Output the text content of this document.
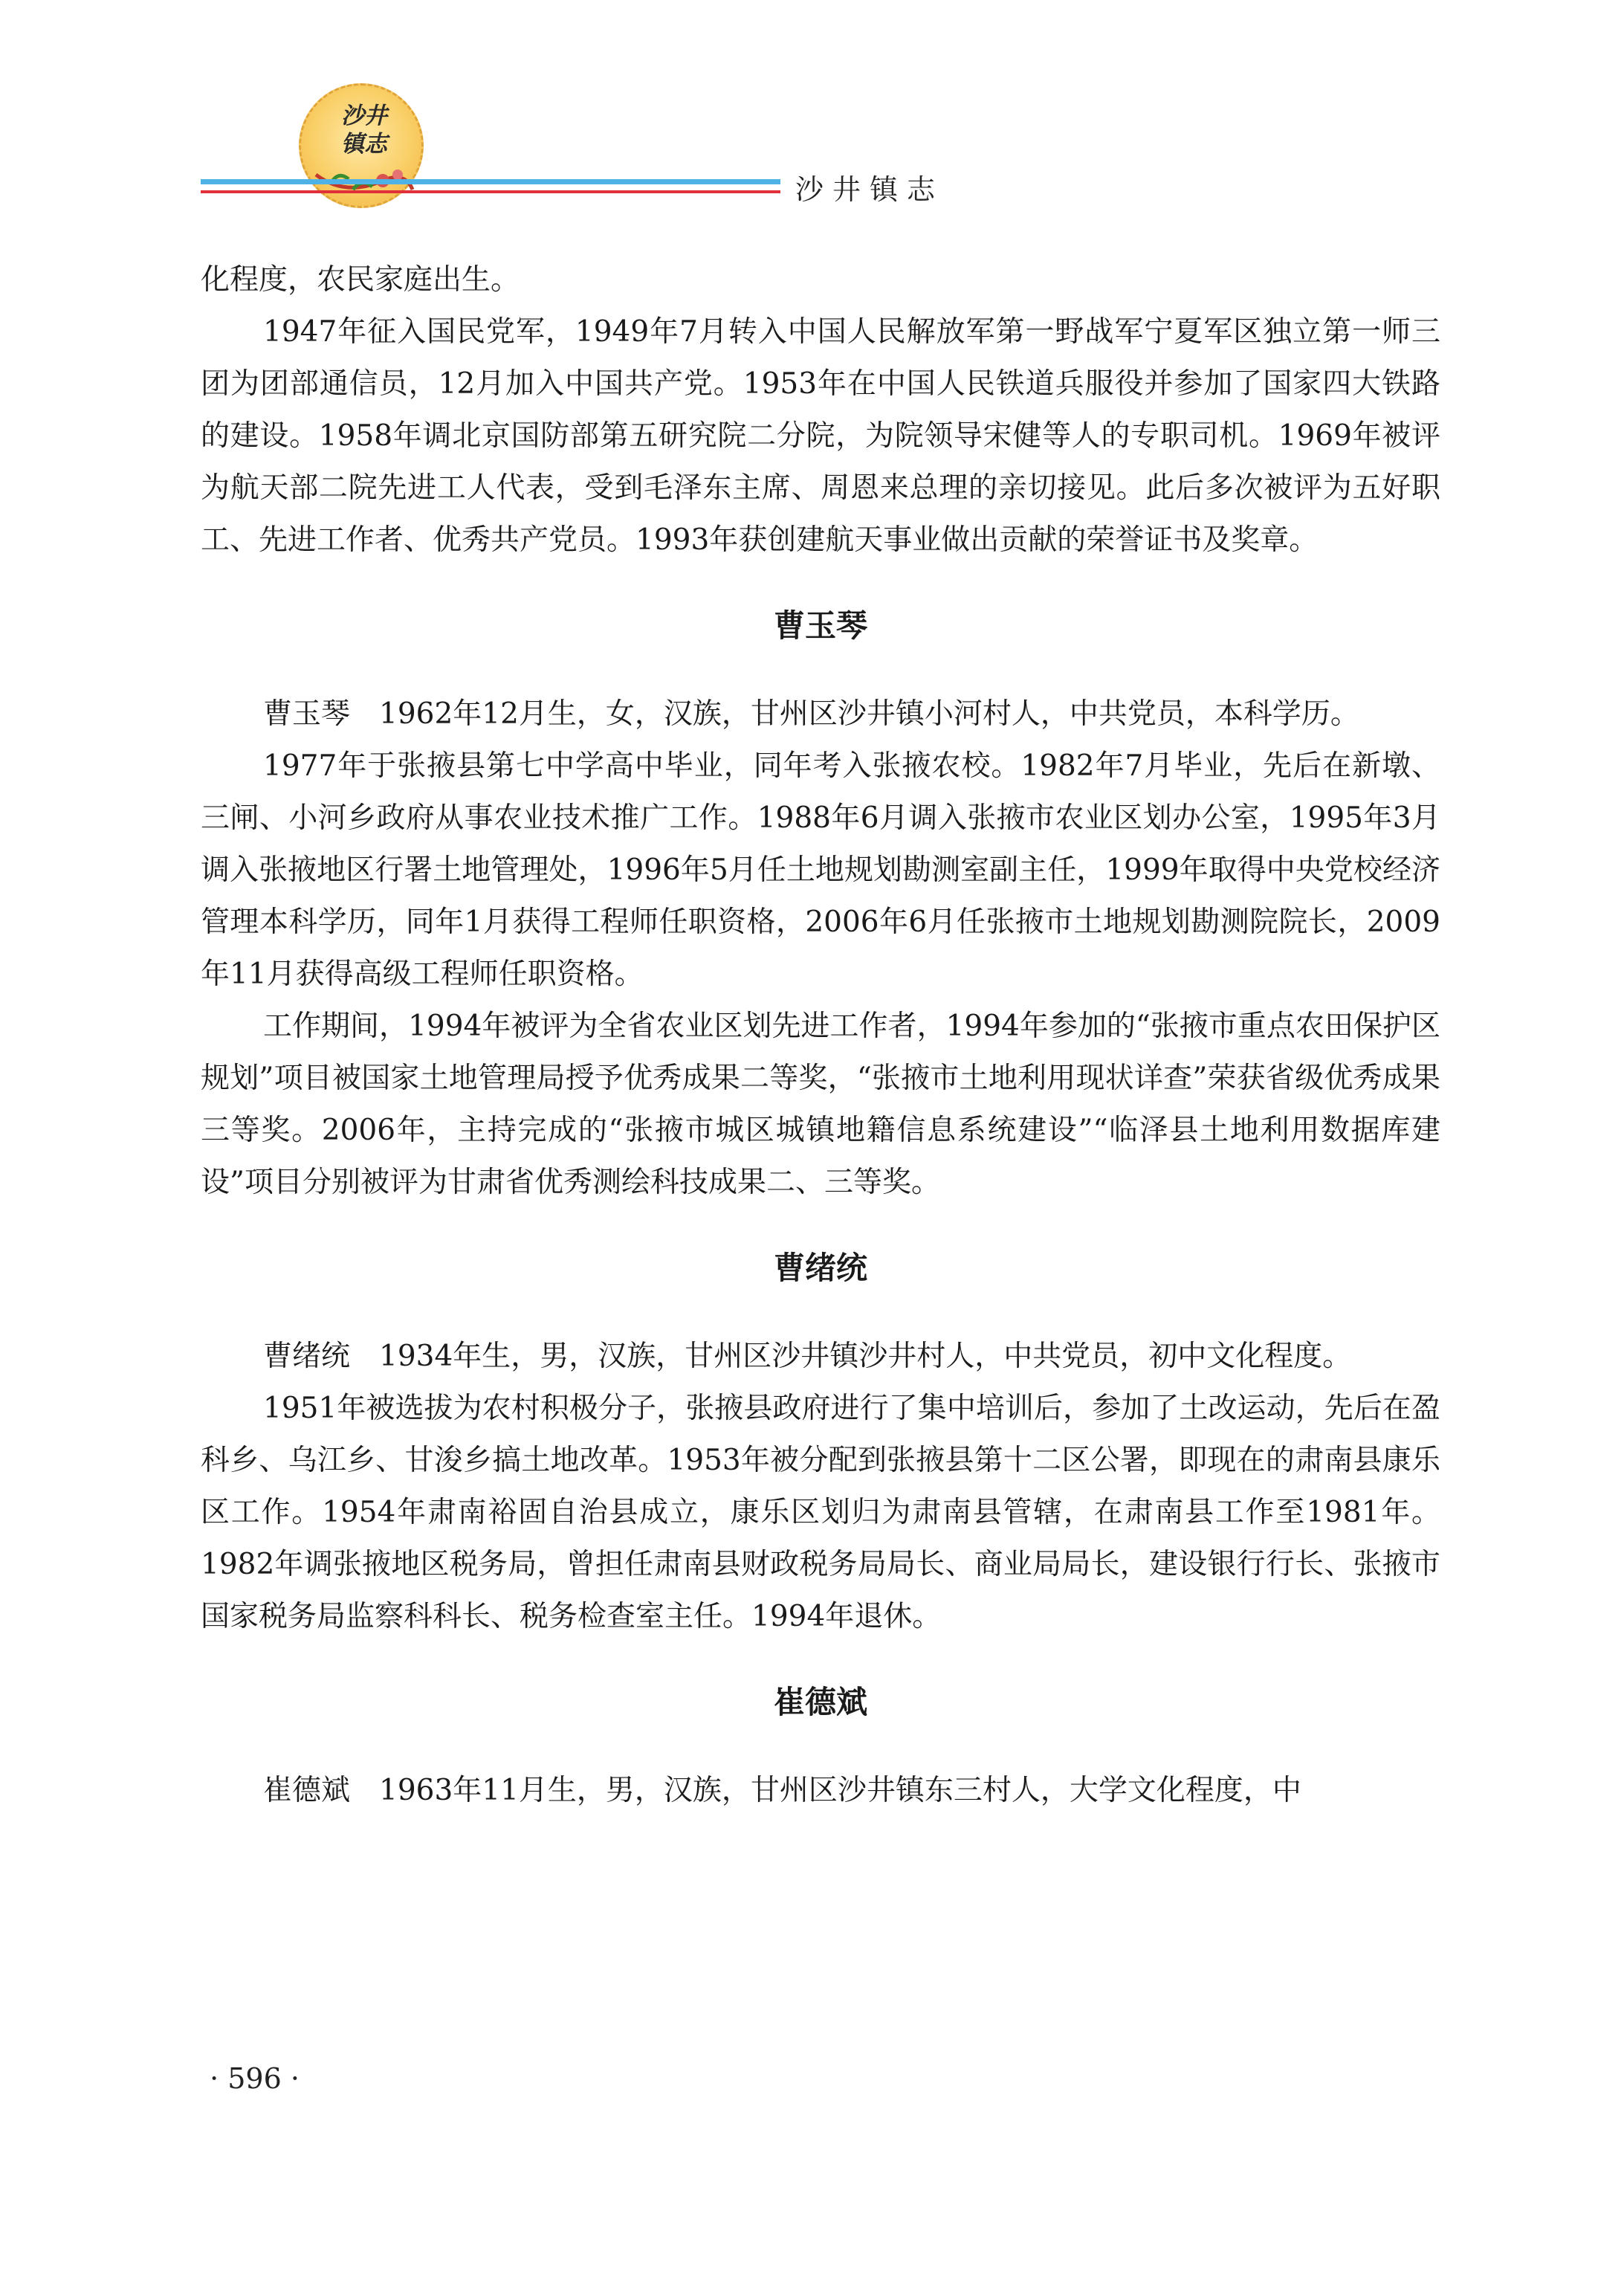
沙井
镇志
沙井镇志

化程度，农民家庭出生。

1947年征入国民党军，1949年7月转入中国人民解放军第一野战军宁夏军区独立第一师三团为团部通信员，12月加入中国共产党。1953年在中国人民铁道兵服役并参加了国家四大铁路的建设。1958年调北京国防部第五研究院二分院，为院领导宋健等人的专职司机。1969年被评为航天部二院先进工人代表，受到毛泽东主席、周恩来总理的亲切接见。此后多次被评为五好职工、先进工作者、优秀共产党员。1993年获创建航天事业做出贡献的荣誉证书及奖章。

曹玉琴

曹玉琴　1962年12月生，女，汉族，甘州区沙井镇小河村人，中共党员，本科学历。

1977年于张掖县第七中学高中毕业，同年考入张掖农校。1982年7月毕业，先后在新墩、三闸、小河乡政府从事农业技术推广工作。1988年6月调入张掖市农业区划办公室，1995年3月调入张掖地区行署土地管理处，1996年5月任土地规划勘测室副主任，1999年取得中央党校经济管理本科学历，同年1月获得工程师任职资格，2006年6月任张掖市土地规划勘测院院长，2009年11月获得高级工程师任职资格。

工作期间，1994年被评为全省农业区划先进工作者，1994年参加的“张掖市重点农田保护区规划”项目被国家土地管理局授予优秀成果二等奖，“张掖市土地利用现状详查”荣获省级优秀成果三等奖。2006年，主持完成的“张掖市城区城镇地籍信息系统建设”“临泽县土地利用数据库建设”项目分别被评为甘肃省优秀测绘科技成果二、三等奖。

曹绪统

曹绪统　1934年生，男，汉族，甘州区沙井镇沙井村人，中共党员，初中文化程度。

1951年被选拔为农村积极分子，张掖县政府进行了集中培训后，参加了土改运动，先后在盈科乡、乌江乡、甘浚乡搞土地改革。1953年被分配到张掖县第十二区公署，即现在的肃南县康乐区工作。1954年肃南裕固自治县成立，康乐区划归为肃南县管辖，在肃南县工作至1981年。1982年调张掖地区税务局，曾担任肃南县财政税务局局长、商业局局长，建设银行行长、张掖市国家税务局监察科科长、税务检查室主任。1994年退休。

崔德斌

崔德斌　1963年11月生，男，汉族，甘州区沙井镇东三村人，大学文化程度，中

· 596 ·
